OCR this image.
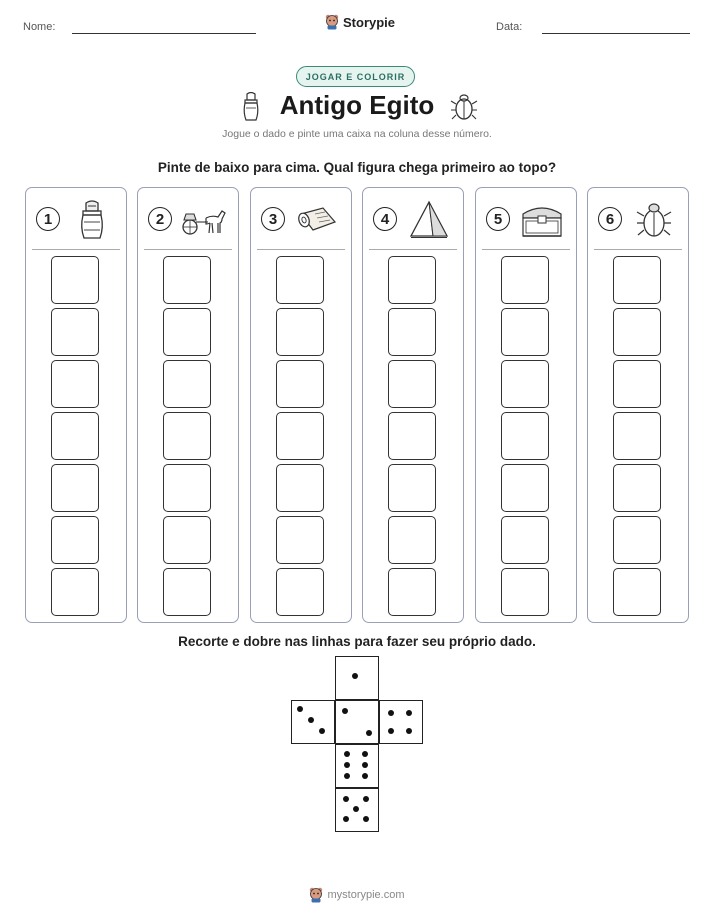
Nome:	Storypie	Data:
JOGAR E COLORIR
Antigo Egito
Jogue o dado e pinte uma caixa na coluna desse número.
Pinte de baixo para cima. Qual figura chega primeiro ao topo?
1	2	3	4	5	6
Recorte e dobre nas linhas para fazer seu próprio dado.
mystorypie.com
